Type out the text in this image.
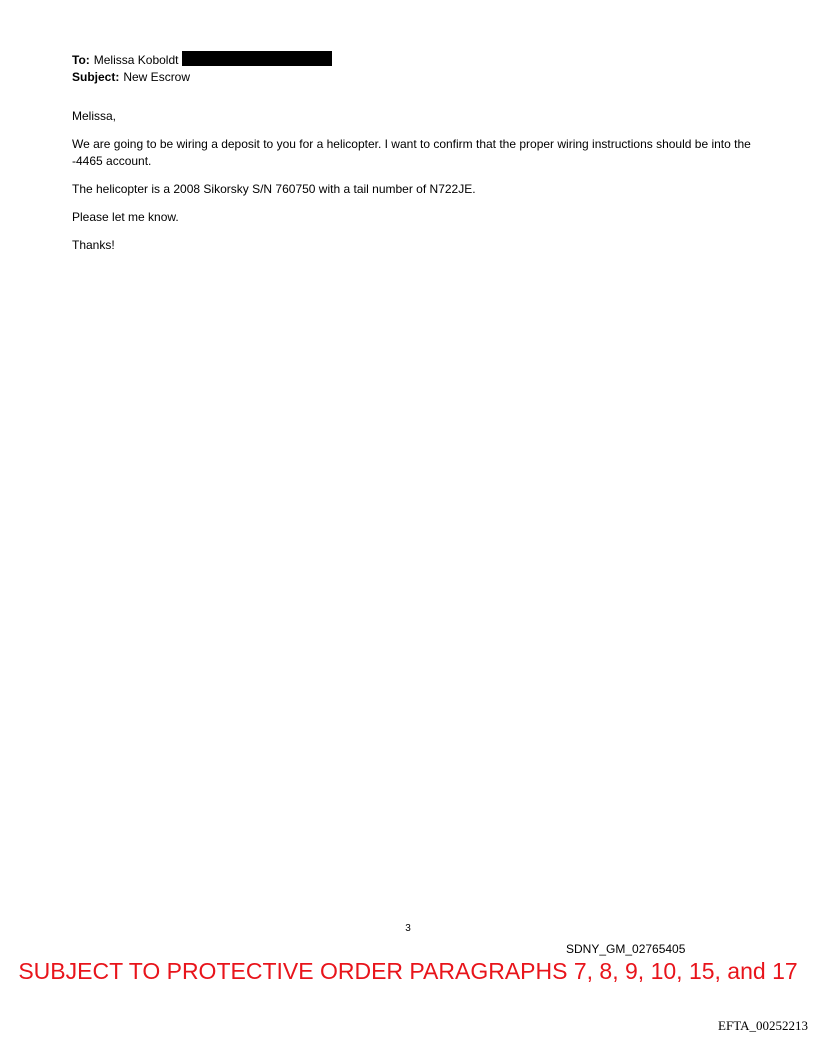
To: Melissa Koboldt
Subject: New Escrow

Melissa,

We are going to be wiring a deposit to you for a helicopter. I want to confirm that the proper wiring instructions should be into the -4465 account.

The helicopter is a 2008 Sikorsky S/N 760750 with a tail number of N722JE.

Please let me know.

Thanks!

3
SDNY_GM_02765405
SUBJECT TO PROTECTIVE ORDER PARAGRAPHS 7, 8, 9, 10, 15, and 17
EFTA_00252213
